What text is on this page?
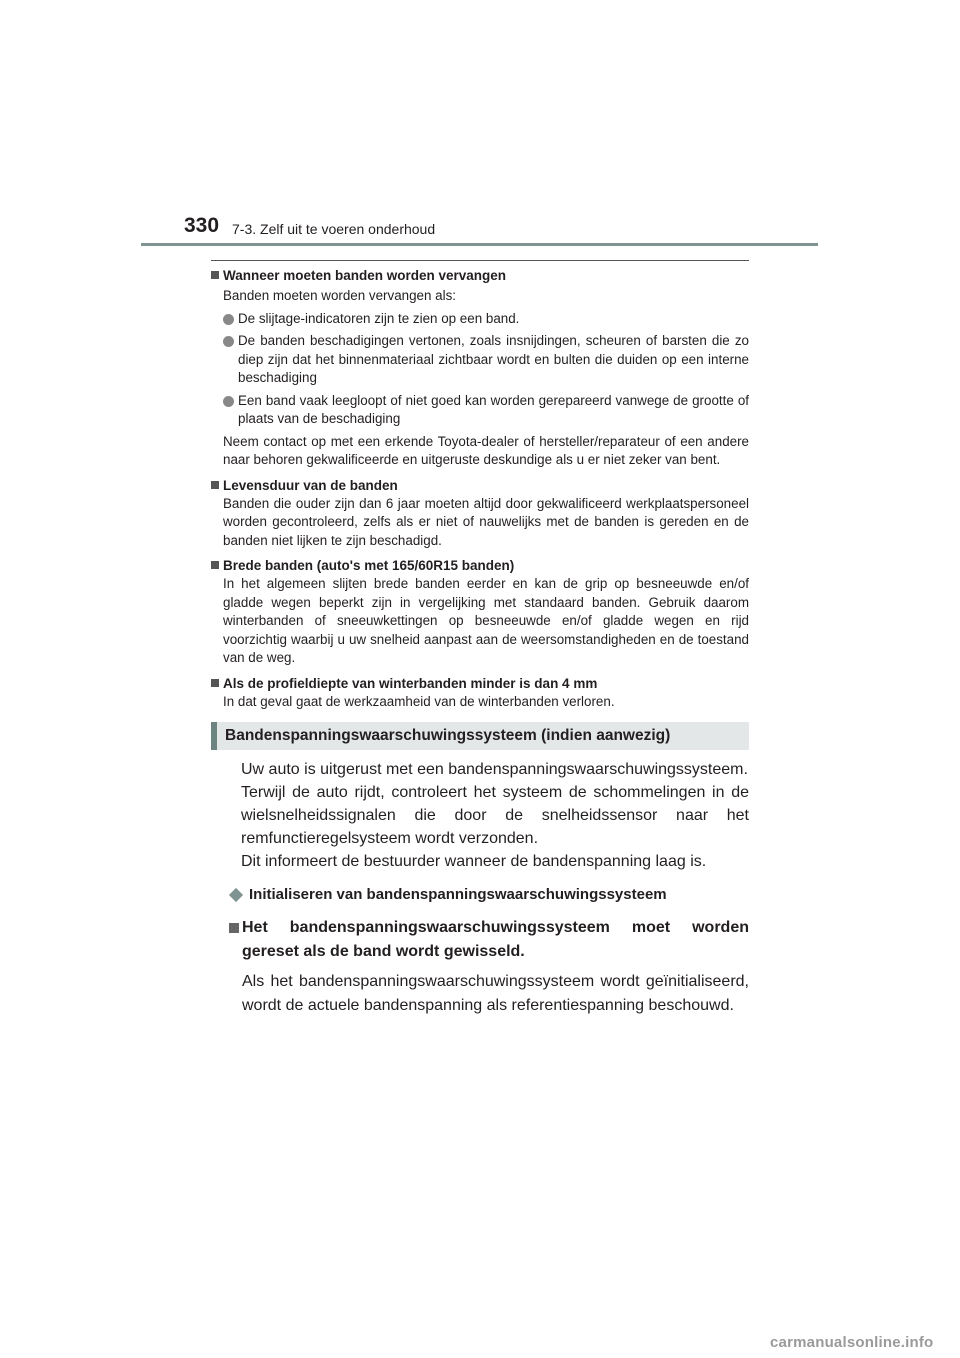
330 7-3. Zelf uit te voeren onderhoud
Wanneer moeten banden worden vervangen
Banden moeten worden vervangen als:
De slijtage-indicatoren zijn te zien op een band.
De banden beschadigingen vertonen, zoals insnijdingen, scheuren of barsten die zo diep zijn dat het binnenmateriaal zichtbaar wordt en bulten die duiden op een interne beschadiging
Een band vaak leegloopt of niet goed kan worden gerepareerd vanwege de grootte of plaats van de beschadiging
Neem contact op met een erkende Toyota-dealer of hersteller/reparateur of een andere naar behoren gekwalificeerde en uitgeruste deskundige als u er niet zeker van bent.
Levensduur van de banden
Banden die ouder zijn dan 6 jaar moeten altijd door gekwalificeerd werkplaatspersoneel worden gecontroleerd, zelfs als er niet of nauwelijks met de banden is gereden en de banden niet lijken te zijn beschadigd.
Brede banden (auto's met 165/60R15 banden)
In het algemeen slijten brede banden eerder en kan de grip op besneeuwde en/of gladde wegen beperkt zijn in vergelijking met standaard banden. Gebruik daarom winterbanden of sneeuwkettingen op besneeuwde en/of gladde wegen en rijd voorzichtig waarbij u uw snelheid aanpast aan de weersomstandigheden en de toestand van de weg.
Als de profieldiepte van winterbanden minder is dan 4 mm
In dat geval gaat de werkzaamheid van de winterbanden verloren.
Bandenspanningswaarschuwingssysteem (indien aanwezig)
Uw auto is uitgerust met een bandenspanningswaarschuwingssysteem.
Terwijl de auto rijdt, controleert het systeem de schommelingen in de wielsnelheidssignalen die door de snelheidssensor naar het remfunctieregelsysteem wordt verzonden.
Dit informeert de bestuurder wanneer de bandenspanning laag is.
Initialiseren van bandenspanningswaarschuwingssysteem
Het bandenspanningswaarschuwingssysteem moet worden gereset als de band wordt gewisseld.
Als het bandenspanningswaarschuwingssysteem wordt geïnitialiseerd, wordt de actuele bandenspanning als referentiespanning beschouwd.
carmanualsonline.info
